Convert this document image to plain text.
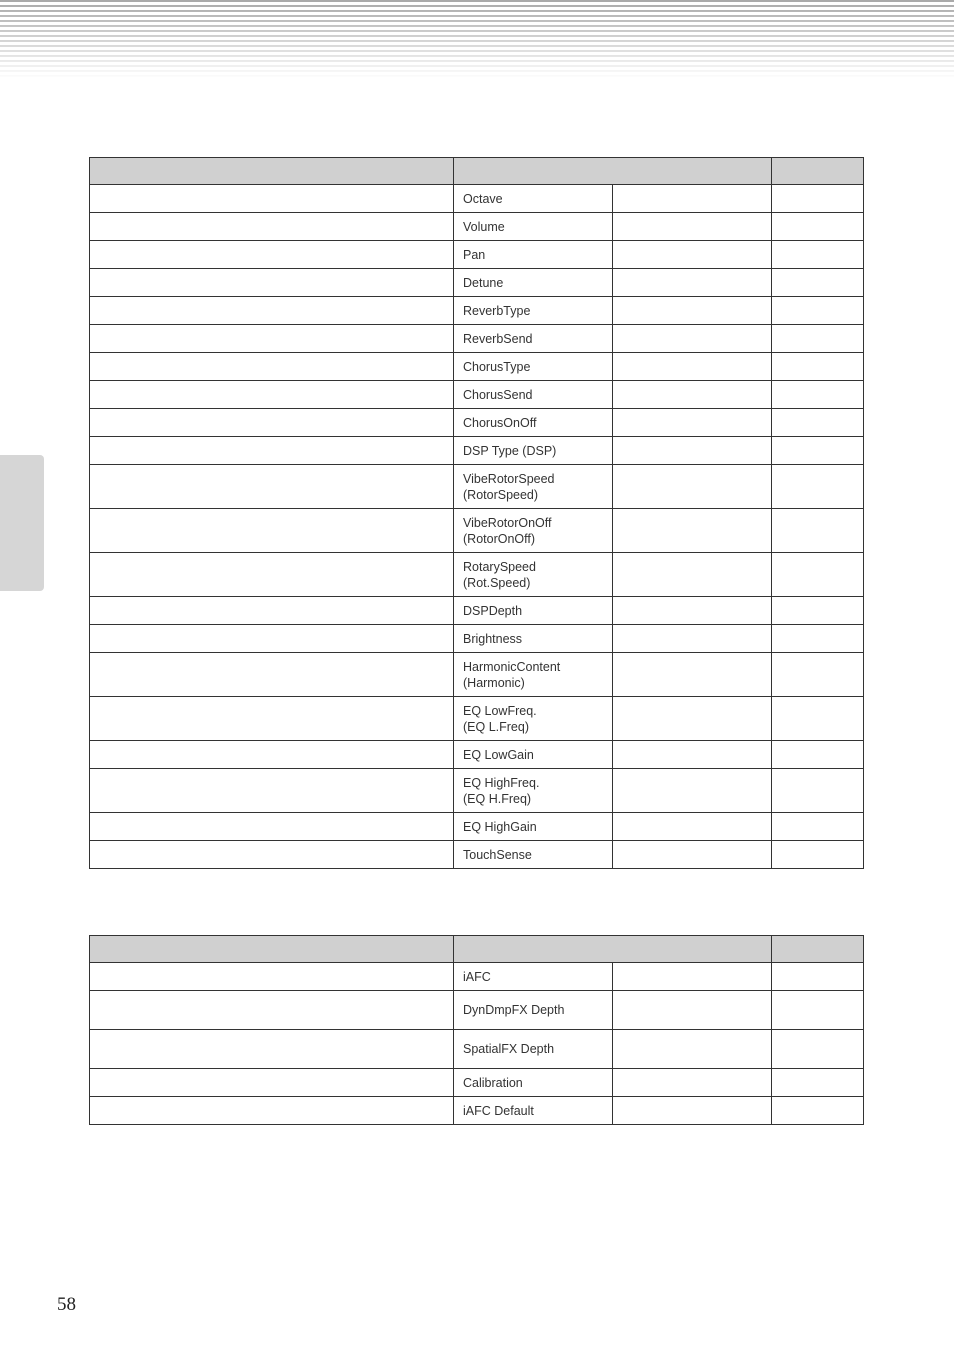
	Octave		
	Volume		
	Pan		
	Detune		
	ReverbType		
	ReverbSend		
	ChorusType		
	ChorusSend		
	ChorusOnOff		
	DSP Type (DSP)		
	VibeRotorSpeed
(RotorSpeed)		
	VibeRotorOnOff
(RotorOnOff)		
	RotarySpeed
(Rot.Speed)		
	DSPDepth		
	Brightness		
	HarmonicContent
(Harmonic)		
	EQ LowFreq.
(EQ L.Freq)		
	EQ LowGain		
	EQ HighFreq.
(EQ H.Freq)		
	EQ HighGain		
	TouchSense		

	iAFC		
	DynDmpFX Depth		
	SpatialFX Depth		
	Calibration		
	iAFC Default		
58
